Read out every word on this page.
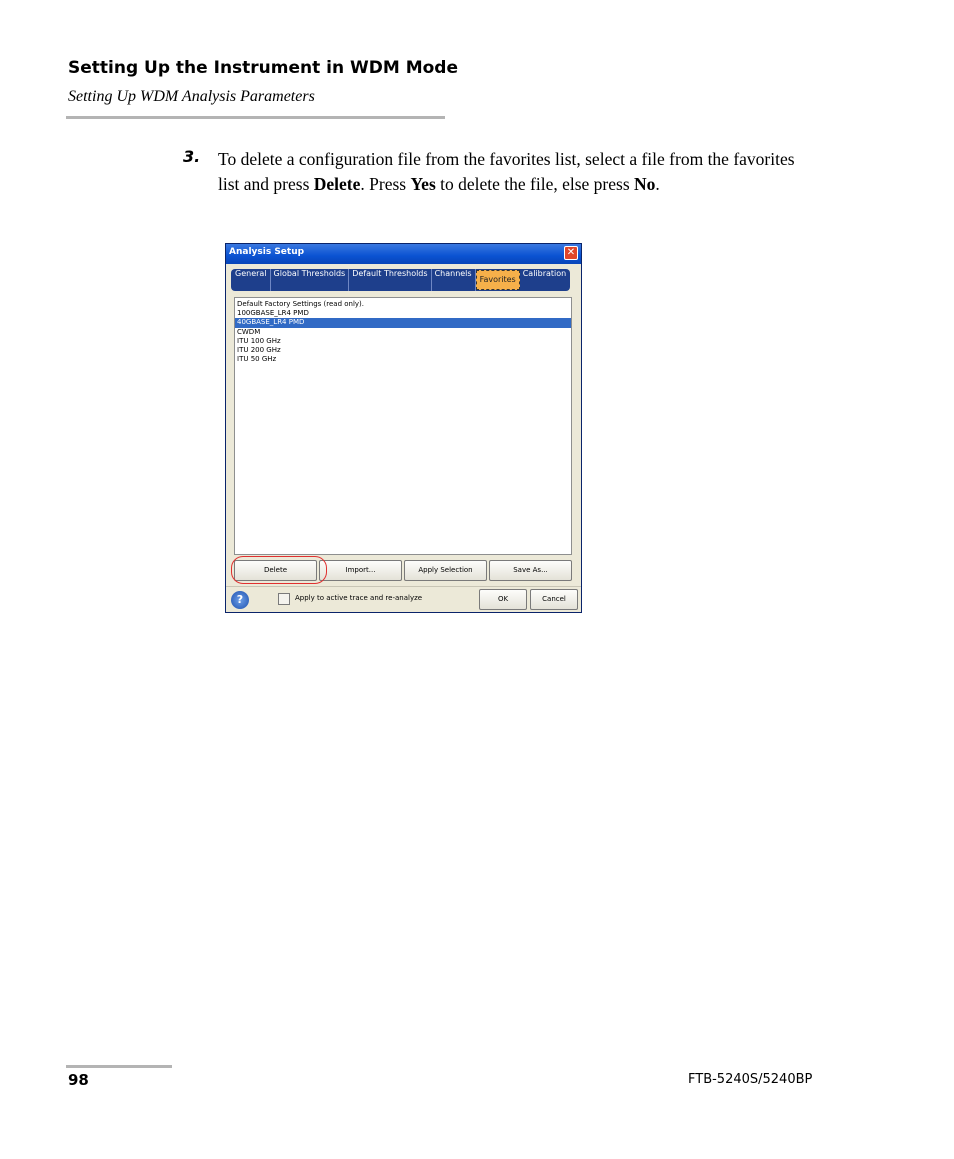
Setting Up the Instrument in WDM Mode
Setting Up WDM Analysis Parameters
3. To delete a configuration file from the favorites list, select a file from the favorites list and press Delete. Press Yes to delete the file, else press No.
Analysis Setup	✕
General Global Thresholds Default Thresholds Channels
Favorites
Calibration
Default Factory Settings (read only).
100GBASE_LR4 PMD
40GBASE_LR4 PMD
CWDM
ITU 100 GHz
ITU 200 GHz
ITU 50 GHz
Delete	Import...	Apply Selection	Save As...
?	Apply to active trace and re-analyze	OK	Cancel
98	FTB-5240S/5240BP
